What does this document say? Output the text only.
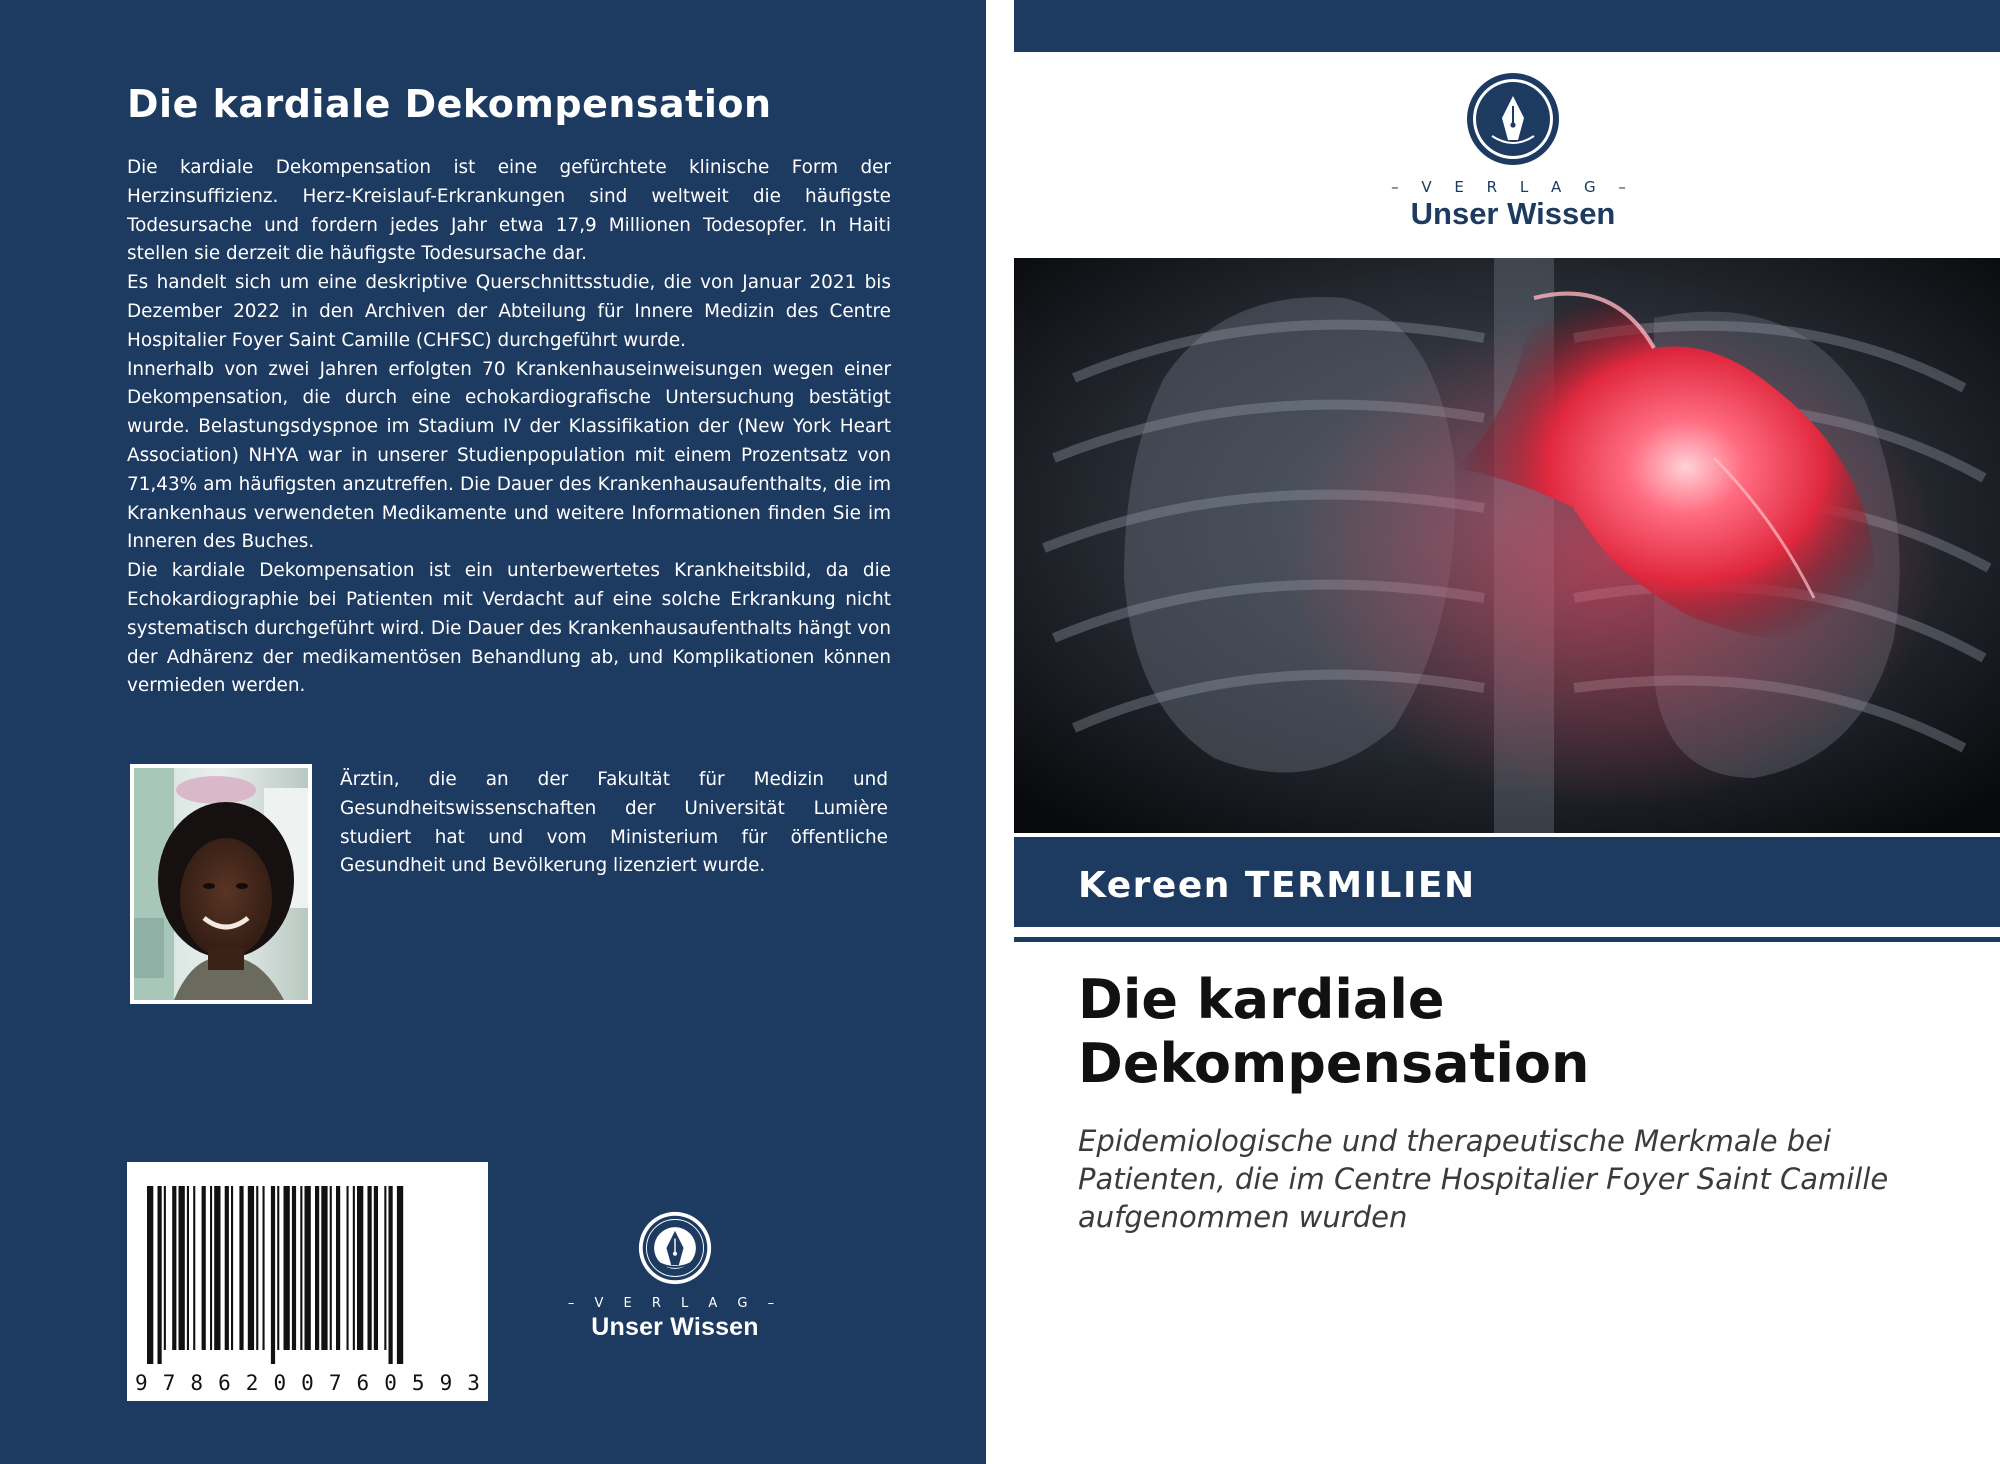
Die kardiale Dekompensation

Die kardiale Dekompensation ist eine gefürchtete klinische Form der Herzinsuffizienz. Herz-Kreislauf-Erkrankungen sind weltweit die häufigste Todesursache und fordern jedes Jahr etwa 17,9 Millionen Todesopfer. In Haiti stellen sie derzeit die häufigste Todesursache dar.

Es handelt sich um eine deskriptive Querschnittsstudie, die von Januar 2021 bis Dezember 2022 in den Archiven der Abteilung für Innere Medizin des Centre Hospitalier Foyer Saint Camille (CHFSC) durchgeführt wurde.

Innerhalb von zwei Jahren erfolgten 70 Krankenhauseinweisungen wegen einer Dekompensation, die durch eine echokardiografische Untersuchung bestätigt wurde. Belastungsdyspnoe im Stadium IV der Klassifikation der (New York Heart Association) NHYA war in unserer Studienpopulation mit einem Prozentsatz von 71,43% am häufigsten anzutreffen. Die Dauer des Krankenhausaufenthalts, die im Krankenhaus verwendeten Medikamente und weitere Informationen finden Sie im Inneren des Buches.

Die kardiale Dekompensation ist ein unterbewertetes Krankheitsbild, da die Echokardiographie bei Patienten mit Verdacht auf eine solche Erkrankung nicht systematisch durchgeführt wird. Die Dauer des Krankenhausaufenthalts hängt von der Adhärenz der medikamentösen Behandlung ab, und Komplikationen können vermieden werden.

Ärztin, die an der Fakultät für Medizin und Gesundheitswissenschaften der Universität Lumière studiert hat und vom Ministerium für öffentliche Gesundheit und Bevölkerung lizenziert wurde.

9 7 8 6 2 0 0 7 6 0 5 9 3
– V E R L A G –
Unser Wissen
– V E R L A G –
Unser Wissen
Kereen TERMILIEN
Die kardiale Dekompensation
Epidemiologische und therapeutische Merkmale bei Patienten, die im Centre Hospitalier Foyer Saint Camille aufgenommen wurden
